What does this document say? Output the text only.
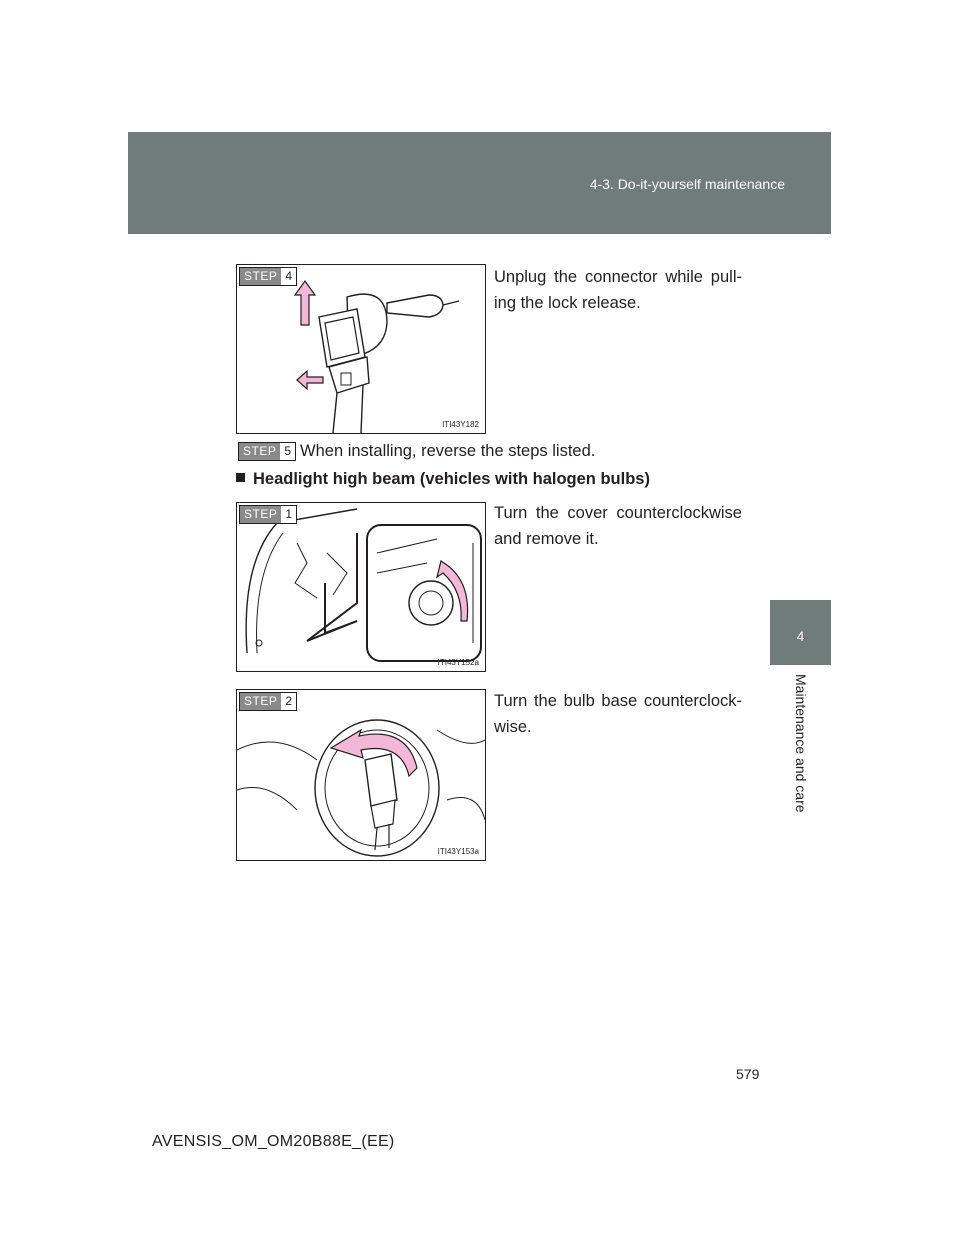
4-3. Do-it-yourself maintenance
4
Maintenance and care
STEP 4
ITI43Y182
Unplug the connector while pull-ing the lock release.
STEP 5 When installing, reverse the steps listed.
Headlight high beam (vehicles with halogen bulbs)
STEP 1
ITI43Y152a
Turn the cover counterclockwise and remove it.
STEP 2
ITI43Y153a
Turn the bulb base counterclock-wise.
579
AVENSIS_OM_OM20B88E_(EE)
